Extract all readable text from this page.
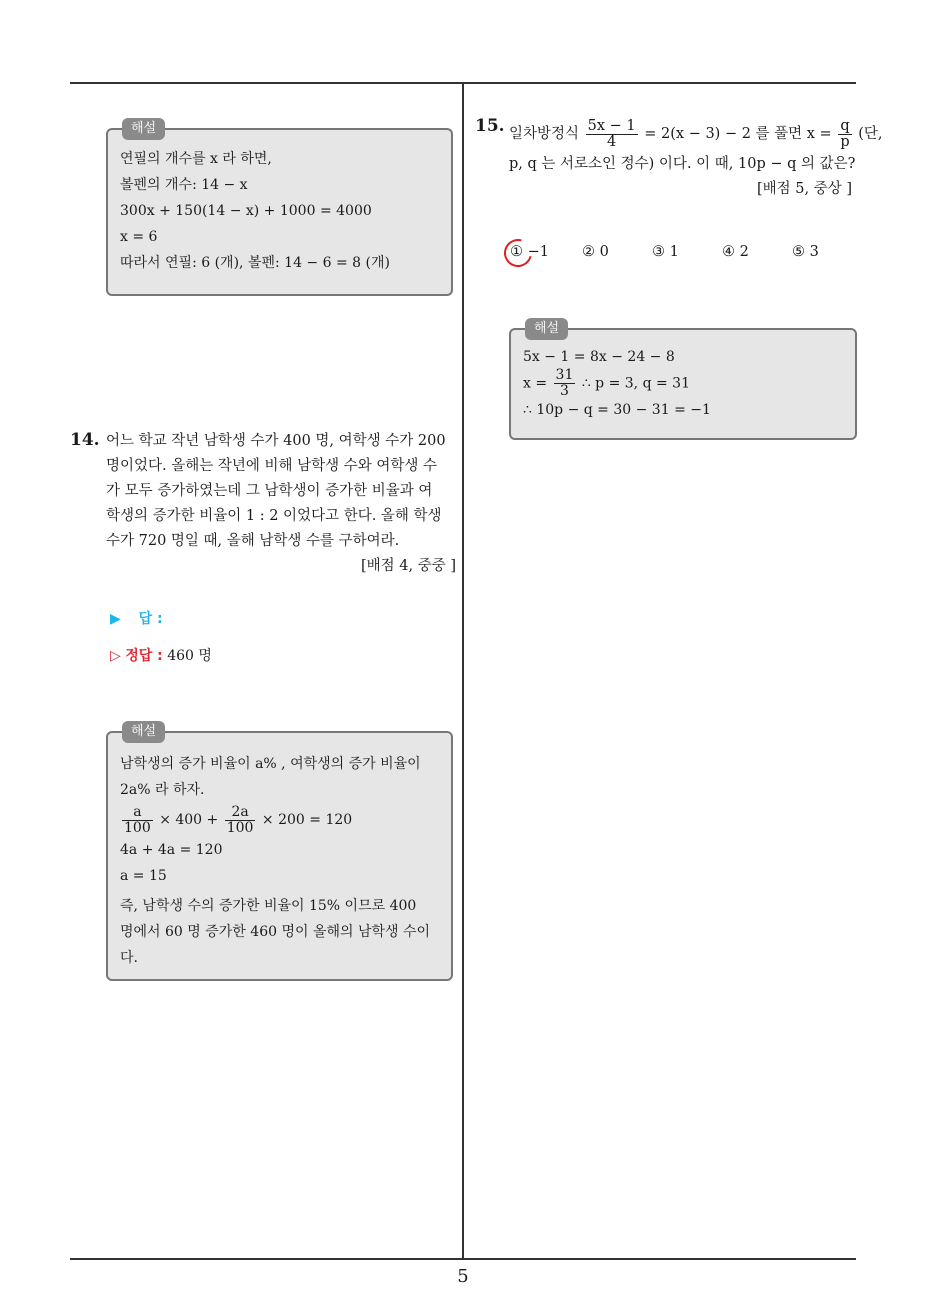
해설
연필의 개수를 x 라 하면,
볼펜의 개수: 14 − x
300x + 150(14 − x) + 1000 = 4000
x = 6
따라서 연필: 6 (개), 볼펜: 14 − 6 = 8 (개)
14. 어느 학교 작년 남학생 수가 400 명, 여학생 수가 200
명이었다. 올해는 작년에 비해 남학생 수와 여학생 수
가 모두 증가하였는데 그 남학생이 증가한 비율과 여
학생의 증가한 비율이 1 : 2 이었다고 한다. 올해 학생
수가 720 명일 때, 올해 남학생 수를 구하여라.
[배점 4, 중중 ]
▶ 답 :
▷ 정답 : 460 명
해설
남학생의 증가 비율이 a% , 여학생의 증가 비율이
2a% 라 하자.
$\frac{a}{100} \times 400 + \frac{2a}{100} \times 200 = 120$
4a + 4a = 120
a = 15
즉, 남학생 수의 증가한 비율이 15% 이므로 400
명에서 60 명 증가한 460 명이 올해의 남학생 수이
다.
15. 일차방정식 $\frac{5x - 1}{4} = 2(x - 3) - 2$ 를 풀면 $x = \frac{q}{p}$ (단,
p, q 는 서로소인 정수) 이다. 이 때, 10p − q 의 값은?
[배점 5, 중상 ]
① −1 ② 0	③ 1	④ 2	⑤ 3
해설
5x − 1 = 8x − 24 − 8
$x = \frac{31}{3}$ ∴ p = 3, q = 31
∴ 10p − q = 30 − 31 = −1
5
